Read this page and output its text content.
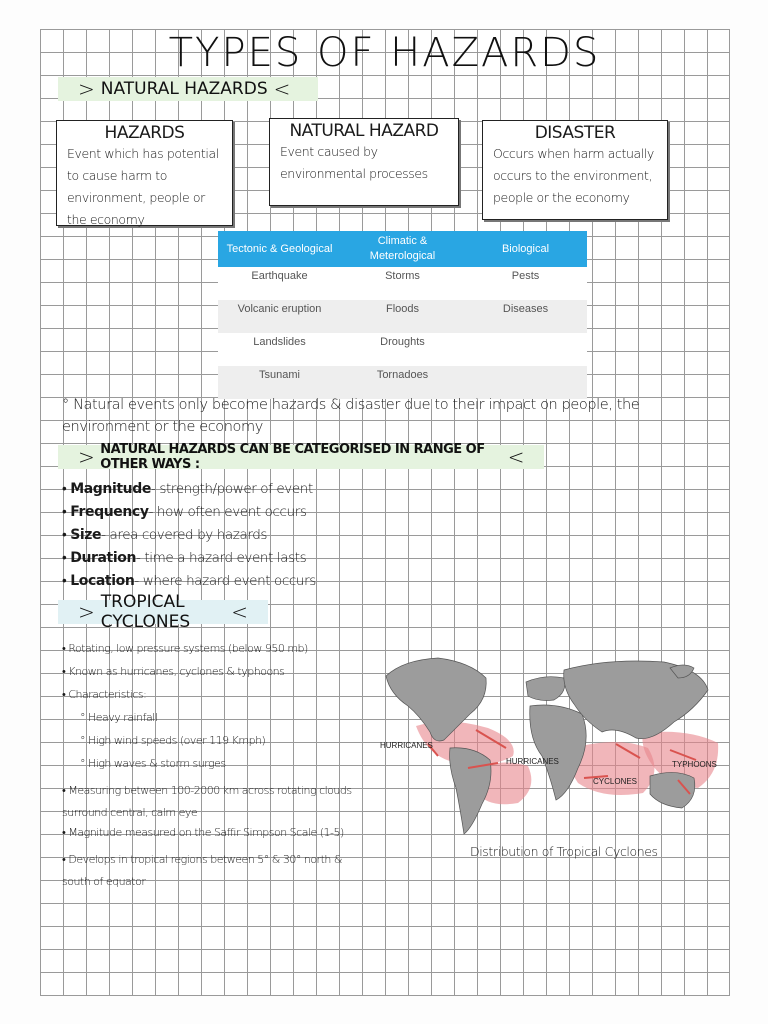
TYPES OF HAZARDS
> NATURAL HAZARDS <
HAZARDS
Event which has potential to cause harm to environment, people or the economy
NATURAL HAZARD
Event caused by environmental processes
DISASTER
Occurs when harm actually occurs to the environment, people or the economy
Tectonic & Geological	Climatic & Meterological	Biological
Earthquake	Storms	Pests
Volcanic eruption	Floods	Diseases
Landslides	Droughts	
Tsunami	Tornadoes	
° Natural events only become hazards & disaster due to their impact on people, the environment or the economy
> NATURAL HAZARDS CAN BE CATEGORISED IN RANGE OF OTHER WAYS :	<
• Magnitude- strength/power of event
• Frequency- how often event occurs
• Size- area covered by hazards
• Duration- time a hazard event lasts
• Location- where hazard event occurs
> TROPICAL CYCLONES	<
• Rotating, low pressure systems (below 950 mb)
• Known as hurricanes, cyclones & typhoons
• Characteristics:
° Heavy rainfall
° High wind speeds (over 119 Kmph)
° High waves & storm surges
• Measuring between 100-2000 km across rotating clouds surround central, calm eye
• Magnitude measured on the Saffir Simpson Scale (1-5)
• Develops in tropical regions between 5° & 30° north & south of equator
HURRICANES
HURRICANES
CYCLONES
TYPHOONS
Distribution of Tropical Cyclones
